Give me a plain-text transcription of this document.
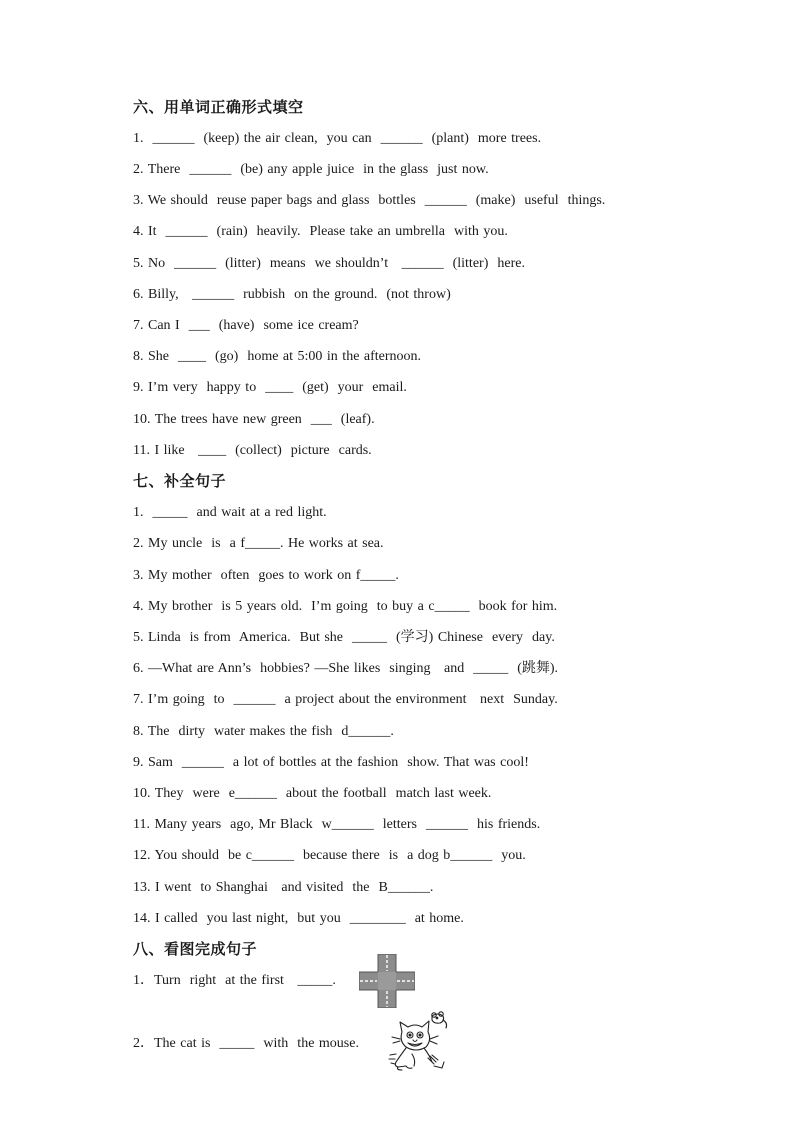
六、用单词正确形式填空
1.  ______  (keep) the air clean,  you can  ______  (plant)  more trees.
2. There  ______  (be) any apple juice  in the glass  just now.
3. We should  reuse paper bags and glass  bottles  ______  (make)  useful  things.
4. It  ______  (rain)  heavily.  Please take an umbrella  with you.
5. No  ______  (litter)  means  we shouldn’t   ______  (litter)  here.
6. Billy,   ______  rubbish  on the ground.  (not throw)
7. Can I  ___  (have)  some ice cream?
8. She  ____  (go)  home at 5:00 in the afternoon.
9. I’m very  happy to  ____  (get)  your  email.
10. The trees have new green  ___  (leaf).
11. I like   ____  (collect)  picture  cards.
七、补全句子
1.  _____  and wait at a red light.
2. My uncle  is  a f_____. He works at sea.
3. My mother  often  goes to work on f_____.
4. My brother  is 5 years old.  I’m going  to buy a c_____  book for him.
5. Linda  is from  America.  But she  _____  (学习) Chinese  every  day.
6. —What are Ann’s  hobbies? —She likes  singing   and  _____  (跳舞).
7. I’m going  to  ______  a project about the environment   next  Sunday.
8. The  dirty  water makes the fish  d______.
9. Sam  ______  a lot of bottles at the fashion  show. That was cool!
10. They  were  e______  about the football  match last week.
11. Many years  ago, Mr Black  w______  letters  ______  his friends.
12. You should  be c______  because there  is  a dog b______  you.
13. I went  to Shanghai   and visited  the  B______.
14. I called  you last night,  but you  ________  at home.
八、看图完成句子
1．Turn  right  at the first   _____.
2．The cat is  _____  with  the mouse.
